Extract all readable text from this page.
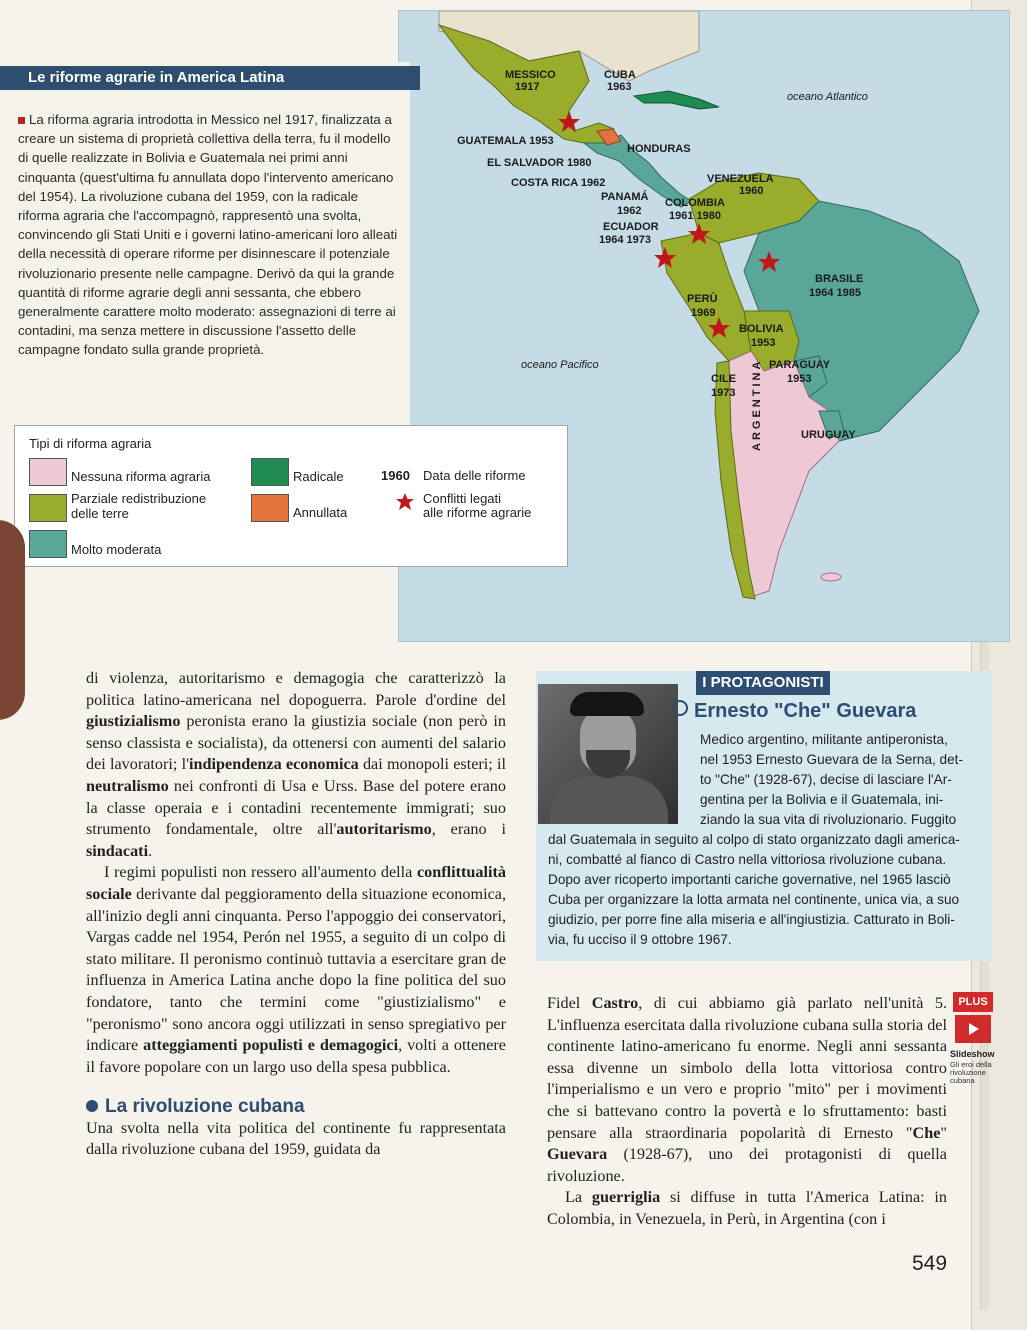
MESSICO
1917
CUBA
1963
oceano Atlantico
GUATEMALA 1953
HONDURAS
EL SALVADOR 1980
COSTA RICA 1962
PANAMÁ
1962
VENEZUELA
1960
COLOMBIA
1961 1980
ECUADOR
1964 1973
BRASILE
1964 1985
PERÙ
1969
BOLIVIA
1953
oceano Pacifico	PARAGUAY
1953
CILE
1973
URUGUAY
ARGENTINA
Le riforme agrarie in America Latina
La riforma agraria introdotta in Messico nel 1917, finalizzata a creare un sistema di proprietà collettiva della terra, fu il modello di quelle realizzate in Bolivia e Guatemala nei primi anni cinquanta (quest'ultima fu annullata dopo l'intervento americano del 1954). La rivoluzione cubana del 1959, con la radicale riforma agraria che l'accompagnò, rappresentò una svolta, convincendo gli Stati Uniti e i governi latino-americani loro alleati della necessità di operare riforme per disinnescare il potenziale rivoluzionario presente nelle campagne. Derivò da qui la grande quantità di riforme agrarie degli anni sessanta, che ebbero generalmente carattere molto moderato: assegnazioni di terre ai contadini, ma senza mettere in discussione l'assetto delle campagne fondato sulla grande proprietà.
Tipi di riforma agraria
Nessuna riforma agraria
Parziale redistribuzione
delle terre
Molto moderata
Radicale
Annullata
1960 Data delle riforme
Conflitti legati
alle riforme agrarie

di violenza, autoritarismo e demagogia che caratterizzò la politica latino-americana nel dopoguerra. Parole d'ordine del giustizialismo peronista erano la giustizia sociale (non però in senso classista e socialista), da ottenersi con aumenti del salario dei lavoratori; l'indipendenza economica dai monopoli esteri; il neutralismo nei confronti di Usa e Urss. Base del potere erano la classe operaia e i contadini recentemente immigrati; suo strumento fondamentale, oltre all'autoritarismo, erano i sindacati.

I regimi populisti non ressero all'aumento della conflittualità sociale derivante dal peggioramento della situazione economica, all'inizio degli anni cinquanta. Perso l'appoggio dei conservatori, Vargas cadde nel 1954, Perón nel 1955, a seguito di un colpo di stato militare. Il peronismo continuò tuttavia a esercitare gran de influenza in America Latina anche dopo la fine politica del suo fondatore, tanto che termini come "giustizialismo" e "peronismo" sono ancora oggi utilizzati in senso spregiativo per indicare atteggiamenti populisti e demagogici, volti a ottenere il favore popolare con un largo uso della spesa pubblica.

La rivoluzione cubana

Una svolta nella vita politica del continente fu rappresentata dalla rivoluzione cubana del 1959, guidata da

I PROTAGONISTI
Ernesto "Che" Guevara
Medico argentino, militante antiperonista,
nel 1953 Ernesto Guevara de la Serna, det-
to "Che" (1928-67), decise di lasciare l'Ar-
gentina per la Bolivia e il Guatemala, ini-
ziando la sua vita di rivoluzionario. Fuggito
dal Guatemala in seguito al colpo di stato organizzato dagli america-
ni, combatté al fianco di Castro nella vittoriosa rivoluzione cubana.
Dopo aver ricoperto importanti cariche governative, nel 1965 lasciò
Cuba per organizzare la lotta armata nel continente, unica via, a suo
giudizio, per porre fine alla miseria e all'ingiustizia. Catturato in Boli-
via, fu ucciso il 9 ottobre 1967.

Fidel Castro, di cui abbiamo già parlato nell'unità 5. L'influenza esercitata dalla rivoluzione cubana sulla storia del continente latino-americano fu enorme. Negli anni sessanta essa divenne un simbolo della lotta vittoriosa contro l'imperialismo e un vero e proprio "mito" per i movimenti che si battevano contro la povertà e lo sfruttamento: basti pensare alla straordinaria popolarità di Ernesto "Che" Guevara (1928-67), uno dei protagonisti di quella rivoluzione.

La guerriglia si diffuse in tutta l'America Latina: in Colombia, in Venezuela, in Perù, in Argentina (con i

PLUS
Slideshow
Gli eroi della rivoluzione cubana
549
